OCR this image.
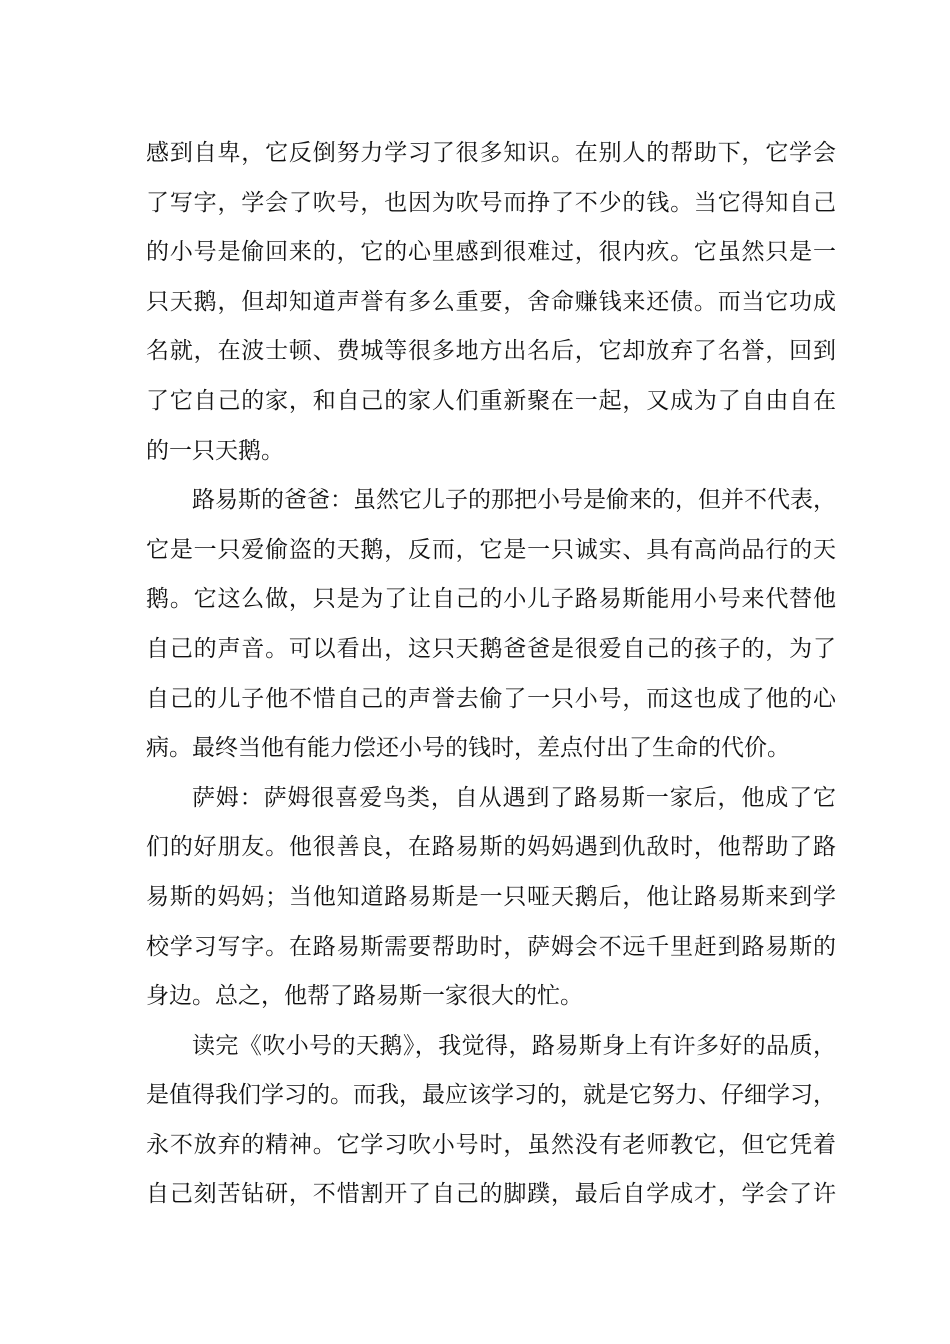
感到自卑，它反倒努力学习了很多知识。在别人的帮助下，它学会
了写字，学会了吹号，也因为吹号而挣了不少的钱。当它得知自己
的小号是偷回来的，它的心里感到很难过，很内疚。它虽然只是一
只天鹅，但却知道声誉有多么重要，舍命赚钱来还债。而当它功成
名就，在波士顿、费城等很多地方出名后，它却放弃了名誉，回到
了它自己的家，和自己的家人们重新聚在一起，又成为了自由自在
的一只天鹅。
路易斯的爸爸：虽然它儿子的那把小号是偷来的，但并不代表，
它是一只爱偷盗的天鹅，反而，它是一只诚实、具有高尚品行的天
鹅。它这么做，只是为了让自己的小儿子路易斯能用小号来代替他
自己的声音。可以看出，这只天鹅爸爸是很爱自己的孩子的，为了
自己的儿子他不惜自己的声誉去偷了一只小号，而这也成了他的心
病。最终当他有能力偿还小号的钱时，差点付出了生命的代价。
萨姆：萨姆很喜爱鸟类，自从遇到了路易斯一家后，他成了它
们的好朋友。他很善良，在路易斯的妈妈遇到仇敌时，他帮助了路
易斯的妈妈；当他知道路易斯是一只哑天鹅后，他让路易斯来到学
校学习写字。在路易斯需要帮助时，萨姆会不远千里赶到路易斯的
身边。总之，他帮了路易斯一家很大的忙。
读完《吹小号的天鹅》，我觉得，路易斯身上有许多好的品质，
是值得我们学习的。而我，最应该学习的，就是它努力、仔细学习，
永不放弃的精神。它学习吹小号时，虽然没有老师教它，但它凭着
自己刻苦钻研，不惜割开了自己的脚蹼，最后自学成才，学会了许
